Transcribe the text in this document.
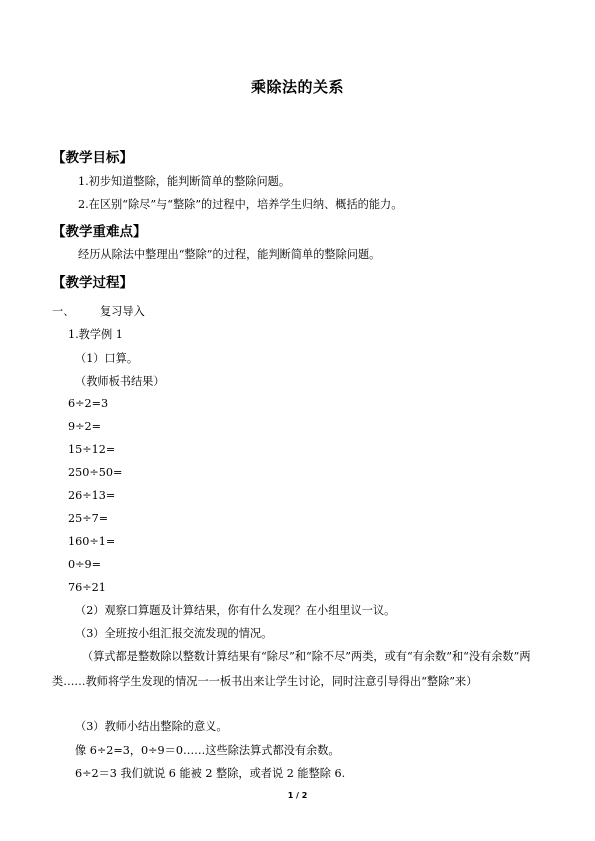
乘除法的关系
【教学目标】
1.初步知道整除，能判断简单的整除问题。
2.在区别“除尽”与“整除”的过程中，培养学生归纳、概括的能力。
【教学重难点】
经历从除法中整理出“整除”的过程，能判断简单的整除问题。
【教学过程】
一、 复习导入
1.教学例 1
（1）口算。
（教师板书结果）
6÷2=3
9÷2=
15÷12=
250÷50=
26÷13=
25÷7=
160÷1=
0÷9=
76÷21
（2）观察口算题及计算结果，你有什么发现？在小组里议一议。
（3）全班按小组汇报交流发现的情况。
（算式都是整数除以整数计算结果有“除尽”和“除不尽”两类，或有“有余数”和“没有余数”两类……教师将学生发现的情况一一板书出来让学生讨论，同时注意引导得出“整除”来）
（3）教师小结出整除的意义。
像 6÷2=3，0÷9＝0……这些除法算式都没有余数。
6÷2＝3 我们就说 6 能被 2 整除，或者说 2 能整除 6.
1 / 2
